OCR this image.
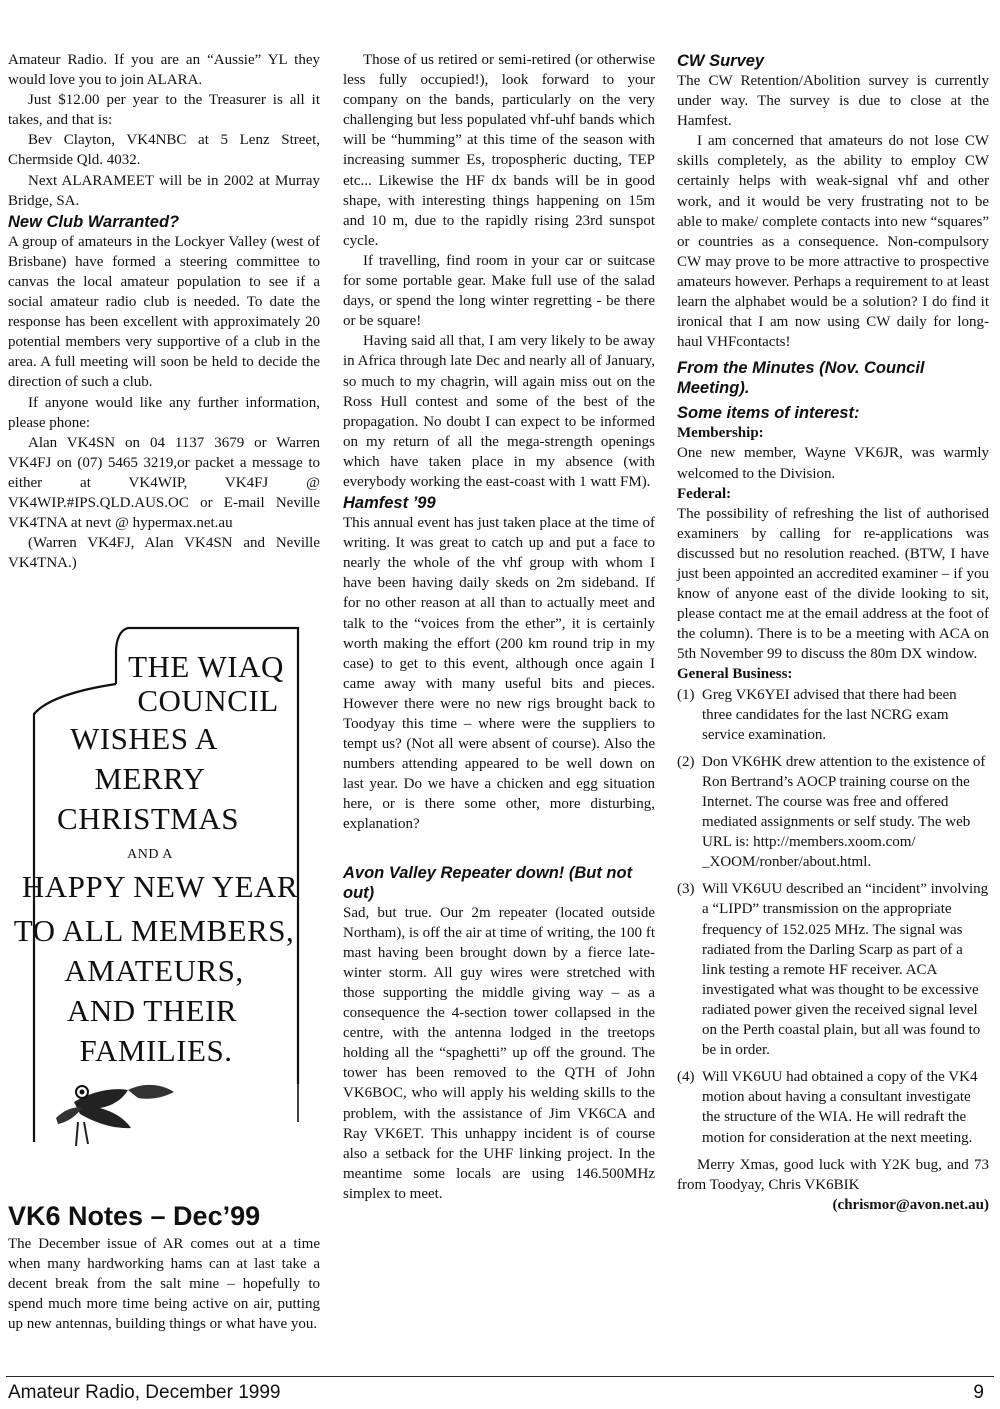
Amateur Radio. If you are an “Aussie” YL they would love you to join ALARA.

Just $12.00 per year to the Treasurer is all it takes, and that is:

Bev Clayton, VK4NBC at 5 Lenz Street, Chermside Qld. 4032.

Next ALARAMEET will be in 2002 at Murray Bridge, SA.

New Club Warranted?

A group of amateurs in the Lockyer Valley (west of Brisbane) have formed a steering committee to canvas the local amateur population to see if a social amateur radio club is needed. To date the response has been excellent with approximately 20 potential members very supportive of a club in the area. A full meeting will soon be held to decide the direction of such a club.

If anyone would like any further information, please phone:

Alan VK4SN on 04 1137 3679 or Warren VK4FJ on (07) 5465 3219,or packet a message to either at VK4WIP, VK4FJ @ VK4WIP.#IPS.QLD.AUS.OC or E-mail Neville VK4TNA at nevt @ hypermax.net.au

(Warren VK4FJ, Alan VK4SN and Neville VK4TNA.)

THE WIAQ

COUNCIL

WISHES A

MERRY

CHRISTMAS

AND A

HAPPY NEW YEAR

TO ALL MEMBERS,

AMATEURS,

AND THEIR

FAMILIES.

VK6 Notes – Dec’99

The December issue of AR comes out at a time when many hardworking hams can at last take a decent break from the salt mine – hopefully to spend much more time being active on air, putting up new antennas, building things or what have you.

Those of us retired or semi-retired (or otherwise less fully occupied!), look forward to your company on the bands, particularly on the very challenging but less populated vhf-uhf bands which will be “humming” at this time of the season with increasing summer Es, tropospheric ducting, TEP etc... Likewise the HF dx bands will be in good shape, with interesting things happening on 15m and 10 m, due to the rapidly rising 23rd sunspot cycle.

If travelling, find room in your car or suitcase for some portable gear. Make full use of the salad days, or spend the long winter regretting - be there or be square!

Having said all that, I am very likely to be away in Africa through late Dec and nearly all of January, so much to my chagrin, will again miss out on the Ross Hull contest and some of the best of the propagation. No doubt I can expect to be informed on my return of all the mega-strength openings which have taken place in my absence (with everybody working the east-coast with 1 watt FM).

Hamfest ’99

This annual event has just taken place at the time of writing. It was great to catch up and put a face to nearly the whole of the vhf group with whom I have been having daily skeds on 2m sideband. If for no other reason at all than to actually meet and talk to the “voices from the ether”, it is certainly worth making the effort (200 km round trip in my case) to get to this event, although once again I came away with many useful bits and pieces. However there were no new rigs brought back to Toodyay this time – where were the suppliers to tempt us? (Not all were absent of course). Also the numbers attending appeared to be well down on last year. Do we have a chicken and egg situation here, or is there some other, more disturbing, explanation?

Avon Valley Repeater down! (But not out)

Sad, but true. Our 2m repeater (located outside Northam), is off the air at time of writing, the 100 ft mast having been brought down by a fierce late-winter storm. All guy wires were stretched with those supporting the middle giving way – as a consequence the 4-section tower collapsed in the centre, with the antenna lodged in the treetops holding all the “spaghetti” up off the ground. The tower has been removed to the QTH of John VK6BOC, who will apply his welding skills to the problem, with the assistance of Jim VK6CA and Ray VK6ET. This unhappy incident is of course also a setback for the UHF linking project. In the meantime some locals are using 146.500MHz simplex to meet.

CW Survey

The CW Retention/Abolition survey is currently under way. The survey is due to close at the Hamfest.

I am concerned that amateurs do not lose CW skills completely, as the ability to employ CW certainly helps with weak-signal vhf and other work, and it would be very frustrating not to be able to make/ complete contacts into new “squares” or countries as a consequence. Non-compulsory CW may prove to be more attractive to prospective amateurs however. Perhaps a requirement to at least learn the alphabet would be a solution? I do find it ironical that I am now using CW daily for long-haul VHFcontacts!

From the Minutes (Nov. Council Meeting).
Some items of interest:

Membership:

One new member, Wayne VK6JR, was warmly welcomed to the Division.

Federal:

The possibility of refreshing the list of authorised examiners by calling for re-applications was discussed but no resolution reached. (BTW, I have just been appointed an accredited examiner – if you know of anyone east of the divide looking to sit, please contact me at the email address at the foot of the column). There is to be a meeting with ACA on 5th November 99 to discuss the 80m DX window.

General Business:

(1) Greg VK6YEI advised that there had been three candidates for the last NCRG exam service examination.
(2) Don VK6HK drew attention to the existence of Ron Bertrand’s AOCP training course on the Internet. The course was free and offered mediated assignments or self study. The web URL is: http://members.xoom.com/ _XOOM/ronber/about.html.
(3) Will VK6UU described an “incident” involving a “LIPD” transmission on the appropriate frequency of 152.025 MHz. The signal was radiated from the Darling Scarp as part of a link testing a remote HF receiver. ACA investigated what was thought to be excessive radiated power given the received signal level on the Perth coastal plain, but all was found to be in order.
(4) Will VK6UU had obtained a copy of the VK4 motion about having a consultant investigate the structure of the WIA. He will redraft the motion for consideration at the next meeting.

Merry Xmas, good luck with Y2K bug, and 73 from Toodyay, Chris VK6BIK

(chrismor@avon.net.au)

Amateur Radio, December 1999	9
